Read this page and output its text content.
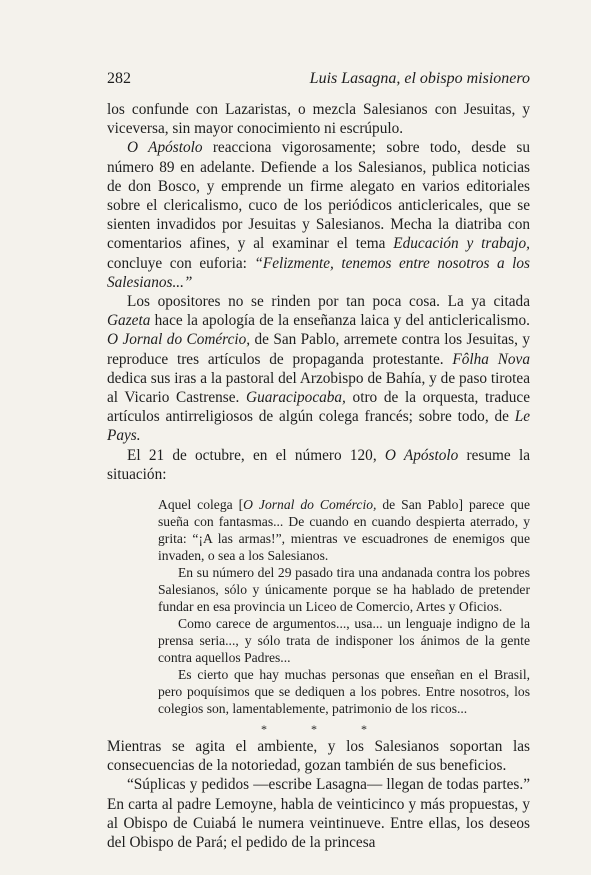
282	Luis Lasagna, el obispo misionero

los confunde con Lazaristas, o mezcla Salesianos con Jesuitas, y viceversa, sin mayor conocimiento ni escrúpulo.

O Apóstolo reacciona vigorosamente; sobre todo, desde su número 89 en adelante. Defiende a los Salesianos, publica noticias de don Bosco, y emprende un firme alegato en varios editoriales sobre el clericalismo, cuco de los periódicos anticlericales, que se sienten invadidos por Jesuitas y Salesianos. Mecha la diatriba con comentarios afines, y al examinar el tema Educación y trabajo, concluye con euforia: “Felizmente, tenemos entre nosotros a los Salesianos...”

Los opositores no se rinden por tan poca cosa. La ya citada Gazeta hace la apología de la enseñanza laica y del anticlericalismo. O Jornal do Comércio, de San Pablo, arremete contra los Jesuitas, y reproduce tres artículos de propaganda protestante. Fôlha Nova dedica sus iras a la pastoral del Arzobispo de Bahía, y de paso tirotea al Vicario Castrense. Guaracipocaba, otro de la orquesta, traduce artículos antirreligiosos de algún colega francés; sobre todo, de Le Pays.

El 21 de octubre, en el número 120, O Apóstolo resume la situación:

Aquel colega [O Jornal do Comércio, de San Pablo] parece que sueña con fantasmas... De cuando en cuando despierta aterrado, y grita: “¡A las armas!”, mientras ve escuadrones de enemigos que invaden, o sea a los Salesianos.

En su número del 29 pasado tira una andanada contra los pobres Salesianos, sólo y únicamente porque se ha hablado de pretender fundar en esa provincia un Liceo de Comercio, Artes y Oficios.

Como carece de argumentos..., usa... un lenguaje indigno de la prensa seria..., y sólo trata de indisponer los ánimos de la gente contra aquellos Padres...

Es cierto que hay muchas personas que enseñan en el Brasil, pero poquísimos que se dediquen a los pobres. Entre nosotros, los colegios son, lamentablemente, patrimonio de los ricos...

*	*	*

Mientras se agita el ambiente, y los Salesianos soportan las consecuencias de la notoriedad, gozan también de sus beneficios.

“Súplicas y pedidos —escribe Lasagna— llegan de todas partes.” En carta al padre Lemoyne, habla de veinticinco y más propuestas, y al Obispo de Cuiabá le numera veintinueve. Entre ellas, los deseos del Obispo de Pará; el pedido de la princesa
